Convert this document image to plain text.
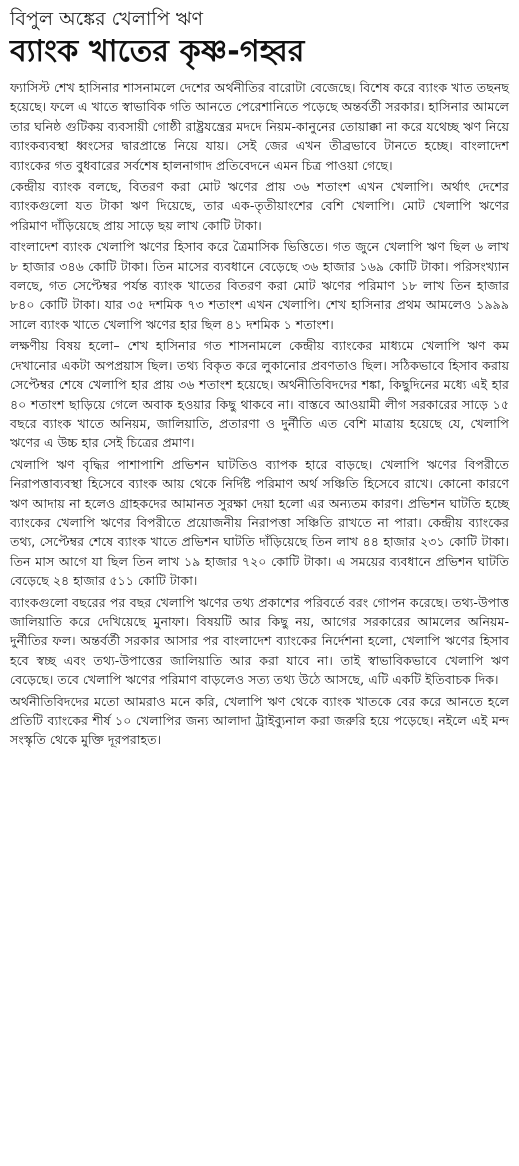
বিপুল অঙ্কের খেলাপি ঋণ
ব্যাংক খাতের কৃষ্ণ-গহ্বর

ফ্যাসিস্ট শেখ হাসিনার শাসনামলে দেশের অর্থনীতির বারোটা বেজেছে। বিশেষ করে ব্যাংক খাত তছনছ হয়েছে। ফলে এ খাতে স্বাভাবিক গতি আনতে পেরেশানিতে পড়েছে অন্তর্বর্তী সরকার। হাসিনার আমলে তার ঘনিষ্ঠ গুটিকয় ব্যবসায়ী গোষ্ঠী রাষ্ট্রযন্ত্রের মদদে নিয়ম-কানুনের তোয়াক্কা না করে যথেচ্ছ ঋণ নিয়ে ব্যাংকব্যবস্থা ধ্বংসের দ্বারপ্রান্তে নিয়ে যায়। সেই জের এখন তীব্রভাবে টানতে হচ্ছে। বাংলাদেশ ব্যাংকের গত বুধবারের সর্বশেষ হালনাগাদ প্রতিবেদনে এমন চিত্র পাওয়া গেছে।

কেন্দ্রীয় ব্যাংক বলছে, বিতরণ করা মোট ঋণের প্রায় ৩৬ শতাংশ এখন খেলাপি। অর্থাৎ দেশের ব্যাংকগুলো যত টাকা ঋণ দিয়েছে, তার এক-তৃতীয়াংশের বেশি খেলাপি। মোট খেলাপি ঋণের পরিমাণ দাঁড়িয়েছে প্রায় সাড়ে ছয় লাখ কোটি টাকা।

বাংলাদেশ ব্যাংক খেলাপি ঋণের হিসাব করে ত্রৈমাসিক ভিত্তিতে। গত জুনে খেলাপি ঋণ ছিল ৬ লাখ ৮ হাজার ৩৪৬ কোটি টাকা। তিন মাসের ব্যবধানে বেড়েছে ৩৬ হাজার ১৬৯ কোটি টাকা। পরিসংখ্যান বলছে, গত সেপ্টেম্বর পর্যন্ত ব্যাংক খাতের বিতরণ করা মোট ঋণের পরিমাণ ১৮ লাখ তিন হাজার ৮৪০ কোটি টাকা। যার ৩৫ দশমিক ৭৩ শতাংশ এখন খেলাপি। শেখ হাসিনার প্রথম আমলেও ১৯৯৯ সালে ব্যাংক খাতে খেলাপি ঋণের হার ছিল ৪১ দশমিক ১ শতাংশ।

লক্ষণীয় বিষয় হলো– শেখ হাসিনার গত শাসনামলে কেন্দ্রীয় ব্যাংকের মাধ্যমে খেলাপি ঋণ কম দেখানোর একটা অপপ্রয়াস ছিল। তথ্য বিকৃত করে লুকানোর প্রবণতাও ছিল। সঠিকভাবে হিসাব করায় সেপ্টেম্বর শেষে খেলাপি হার প্রায় ৩৬ শতাংশ হয়েছে। অর্থনীতিবিদদের শঙ্কা, কিছুদিনের মধ্যে এই হার ৪০ শতাংশ ছাড়িয়ে গেলে অবাক হওয়ার কিছু থাকবে না। বাস্তবে আওয়ামী লীগ সরকারের সাড়ে ১৫ বছরে ব্যাংক খাতে অনিয়ম, জালিয়াতি, প্রতারণা ও দুর্নীতি এত বেশি মাত্রায় হয়েছে যে, খেলাপি ঋণের এ উচ্চ হার সেই চিত্রের প্রমাণ।

খেলাপি ঋণ বৃদ্ধির পাশাপাশি প্রভিশন ঘাটতিও ব্যাপক হারে বাড়ছে। খেলাপি ঋণের বিপরীতে নিরাপত্তাব্যবস্থা হিসেবে ব্যাংক আয় থেকে নির্দিষ্ট পরিমাণ অর্থ সঞ্চিতি হিসেবে রাখে। কোনো কারণে ঋণ আদায় না হলেও গ্রাহকদের আমানত সুরক্ষা দেয়া হলো এর অন্যতম কারণ। প্রভিশন ঘাটতি হচ্ছে ব্যাংকের খেলাপি ঋণের বিপরীতে প্রয়োজনীয় নিরাপত্তা সঞ্চিতি রাখতে না পারা। কেন্দ্রীয় ব্যাংকের তথ্য, সেপ্টেম্বর শেষে ব্যাংক খাতে প্রভিশন ঘাটতি দাঁড়িয়েছে তিন লাখ ৪৪ হাজার ২৩১ কোটি টাকা। তিন মাস আগে যা ছিল তিন লাখ ১৯ হাজার ৭২০ কোটি টাকা। এ সময়ের ব্যবধানে প্রভিশন ঘাটতি বেড়েছে ২৪ হাজার ৫১১ কোটি টাকা।

ব্যাংকগুলো বছরের পর বছর খেলাপি ঋণের তথ্য প্রকাশের পরিবর্তে বরং গোপন করেছে। তথ্য-উপাত্ত জালিয়াতি করে দেখিয়েছে মুনাফা। বিষয়টি আর কিছু নয়, আগের সরকারের আমলের অনিয়ম-দুর্নীতির ফল। অন্তর্বর্তী সরকার আসার পর বাংলাদেশ ব্যাংকের নির্দেশনা হলো, খেলাপি ঋণের হিসাব হবে স্বচ্ছ এবং তথ্য-উপাত্তের জালিয়াতি আর করা যাবে না। তাই স্বাভাবিকভাবে খেলাপি ঋণ বেড়েছে। তবে খেলাপি ঋণের পরিমাণ বাড়লেও সত্য তথ্য উঠে আসছে, এটি একটি ইতিবাচক দিক।

অর্থনীতিবিদদের মতো আমরাও মনে করি, খেলাপি ঋণ থেকে ব্যাংক খাতকে বের করে আনতে হলে প্রতিটি ব্যাংকের শীর্ষ ১০ খেলাপির জন্য আলাদা ট্রাইব্যুনাল করা জরুরি হয়ে পড়েছে। নইলে এই মন্দ সংস্কৃতি থেকে মুক্তি দূরপরাহত।
